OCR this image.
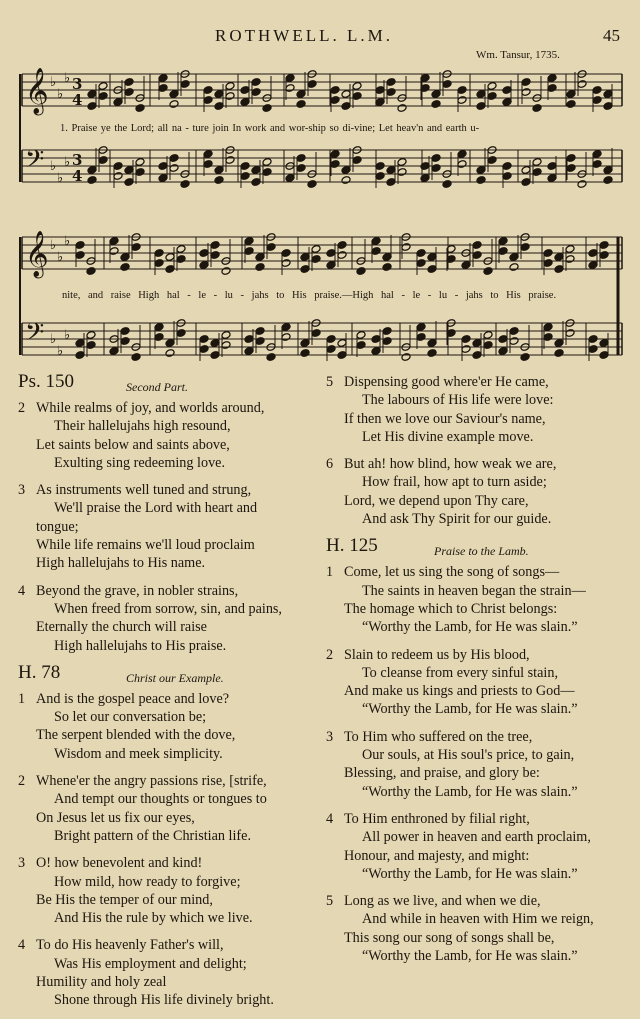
ROTHWELL. L.M.	45
Wm. Tansur, 1735.
𝄞 ♭
♭
♭ 3
4
𝄢 ♭
♭
♭ 3
4
𝄞 ♭
♭
♭
𝄢 ♭
♭
♭
1. Praise ye the Lord; all na - ture join In work and wor-ship so di-vine; Let heav'n and earth u-
nite, and raise High hal - le - lu - jahs to His praise.—High hal - le - lu - jahs to His praise.
Ps. 150	Second Part.
2 While realms of joy, and worlds around,
Their hallelujahs high resound,
Let saints below and saints above,
Exulting sing redeeming love.
3 As instruments well tuned and strung,
We'll praise the Lord with heart and
tongue;
While life remains we'll loud proclaim
High hallelujahs to His name.
4 Beyond the grave, in nobler strains,
When freed from sorrow, sin, and pains,
Eternally the church will raise
High hallelujahs to His praise.
H. 78	Christ our Example.
1 And is the gospel peace and love?
So let our conversation be;
The serpent blended with the dove,
Wisdom and meek simplicity.
2 Whene'er the angry passions rise, [strife,
And tempt our thoughts or tongues to
On Jesus let us fix our eyes,
Bright pattern of the Christian life.
3 O! how benevolent and kind!
How mild, how ready to forgive;
Be His the temper of our mind,
And His the rule by which we live.
4 To do His heavenly Father's will,
Was His employment and delight;
Humility and holy zeal
Shone through His life divinely bright.
5 Dispensing good where'er He came,
The labours of His life were love:
If then we love our Saviour's name,
Let His divine example move.
6 But ah! how blind, how weak we are,
How frail, how apt to turn aside;
Lord, we depend upon Thy care,
And ask Thy Spirit for our guide.
H. 125	Praise to the Lamb.
1 Come, let us sing the song of songs—
The saints in heaven began the strain—
The homage which to Christ belongs:
“Worthy the Lamb, for He was slain.”
2 Slain to redeem us by His blood,
To cleanse from every sinful stain,
And make us kings and priests to God—
“Worthy the Lamb, for He was slain.”
3 To Him who suffered on the tree,
Our souls, at His soul's price, to gain,
Blessing, and praise, and glory be:
“Worthy the Lamb, for He was slain.”
4 To Him enthroned by filial right,
All power in heaven and earth proclaim,
Honour, and majesty, and might:
“Worthy the Lamb, for He was slain.”
5 Long as we live, and when we die,
And while in heaven with Him we reign,
This song our song of songs shall be,
“Worthy the Lamb, for He was slain.”
